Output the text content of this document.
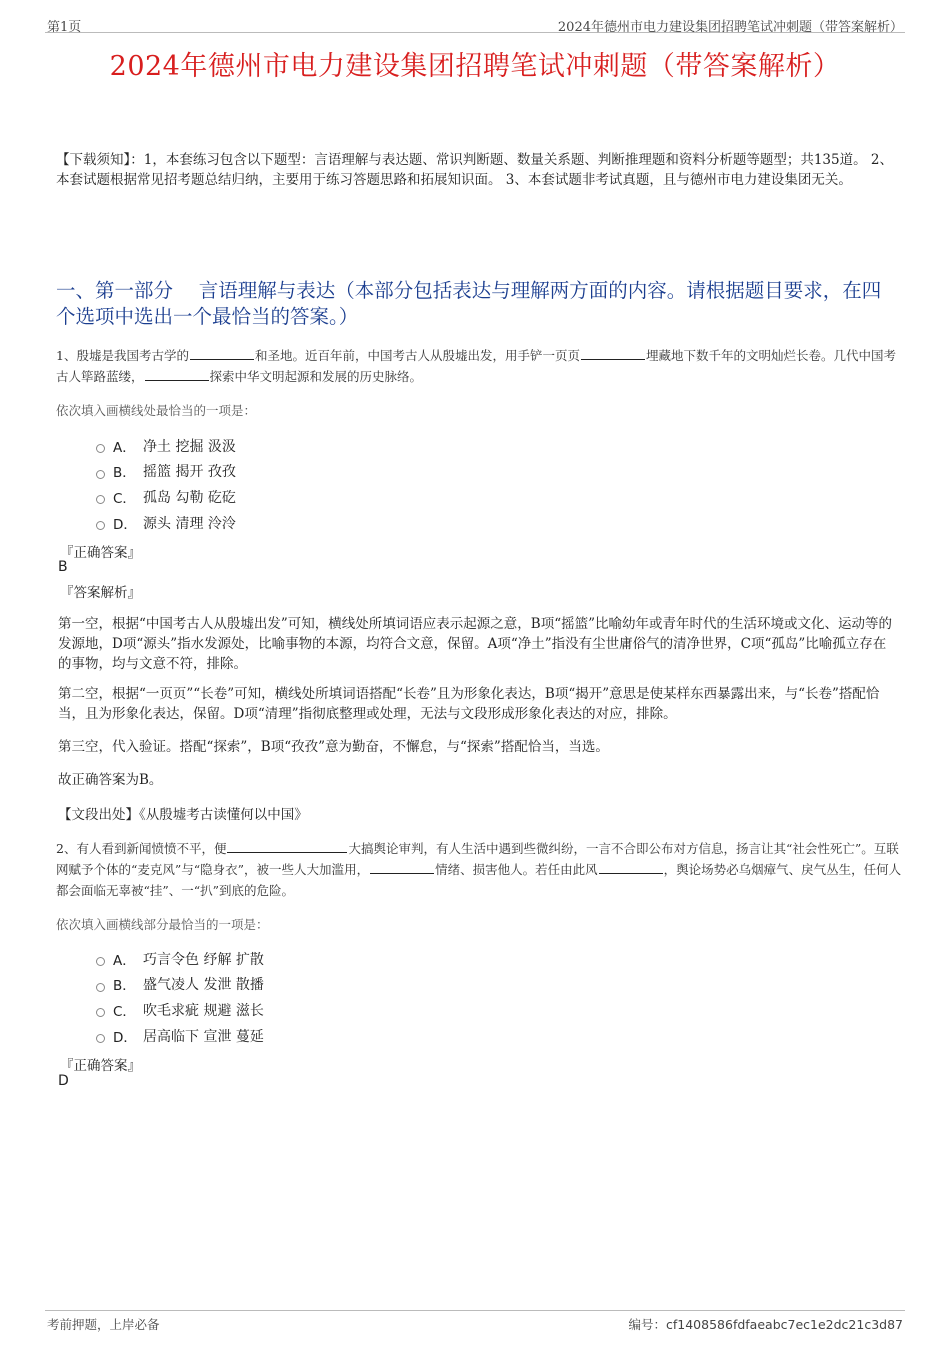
第1页	2024年德州市电力建设集团招聘笔试冲刺题（带答案解析）
2024年德州市电力建设集团招聘笔试冲刺题（带答案解析）
【下载须知】：1，本套练习包含以下题型：言语理解与表达题、常识判断题、数量关系题、判断推理题和资料分析题等题型；共135道。 2、本套试题根据常见招考题总结归纳，主要用于练习答题思路和拓展知识面。 3、本套试题非考试真题，且与德州市电力建设集团无关。
一、第一部分　 言语理解与表达（本部分包括表达与理解两方面的内容。请根据题目要求，在四个选项中选出一个最恰当的答案。）
1、殷墟是我国考古学的	和圣地。近百年前，中国考古人从殷墟出发，用手铲一页页	埋藏地下数千年的文明灿烂长卷。几代中国考古人筚路蓝缕，	探索中华文明起源和发展的历史脉络。
依次填入画横线处最恰当的一项是：
A． 净土 挖掘 汲汲
B． 摇篮 揭开 孜孜
C． 孤岛 勾勒 矻矻
D． 源头 清理 泠泠
『正确答案』
B
『答案解析』
第一空，根据“中国考古人从殷墟出发”可知，横线处所填词语应表示起源之意，B项“摇篮”比喻幼年或青年时代的生活环境或文化、运动等的发源地，D项“源头”指水发源处，比喻事物的本源，均符合文意，保留。A项“净土”指没有尘世庸俗气的清净世界，C项“孤岛”比喻孤立存在的事物，均与文意不符，排除。
第二空，根据“一页页”“长卷”可知，横线处所填词语搭配“长卷”且为形象化表达，B项“揭开”意思是使某样东西暴露出来，与“长卷”搭配恰当，且为形象化表达，保留。D项“清理”指彻底整理或处理，无法与文段形成形象化表达的对应，排除。
第三空，代入验证。搭配“探索”，B项“孜孜”意为勤奋，不懈怠，与“探索”搭配恰当，当选。
故正确答案为B。
【文段出处】《从殷墟考古读懂何以中国》
2、有人看到新闻愤愤不平，便	大搞舆论审判，有人生活中遇到些微纠纷，一言不合即公布对方信息，扬言让其“社会性死亡”。互联网赋予个体的“麦克风”与“隐身衣”，被一些人大加滥用，	情绪、损害他人。若任由此风	，舆论场势必乌烟瘴气、戾气丛生，任何人都会面临无辜被“挂”、一“扒”到底的危险。
依次填入画横线部分最恰当的一项是：
A． 巧言令色 纾解 扩散
B． 盛气凌人 发泄 散播
C． 吹毛求疵 规避 滋长
D． 居高临下 宣泄 蔓延
『正确答案』
D
考前押题，上岸必备	编号：cf1408586fdfaeabc7ec1e2dc21c3d87
